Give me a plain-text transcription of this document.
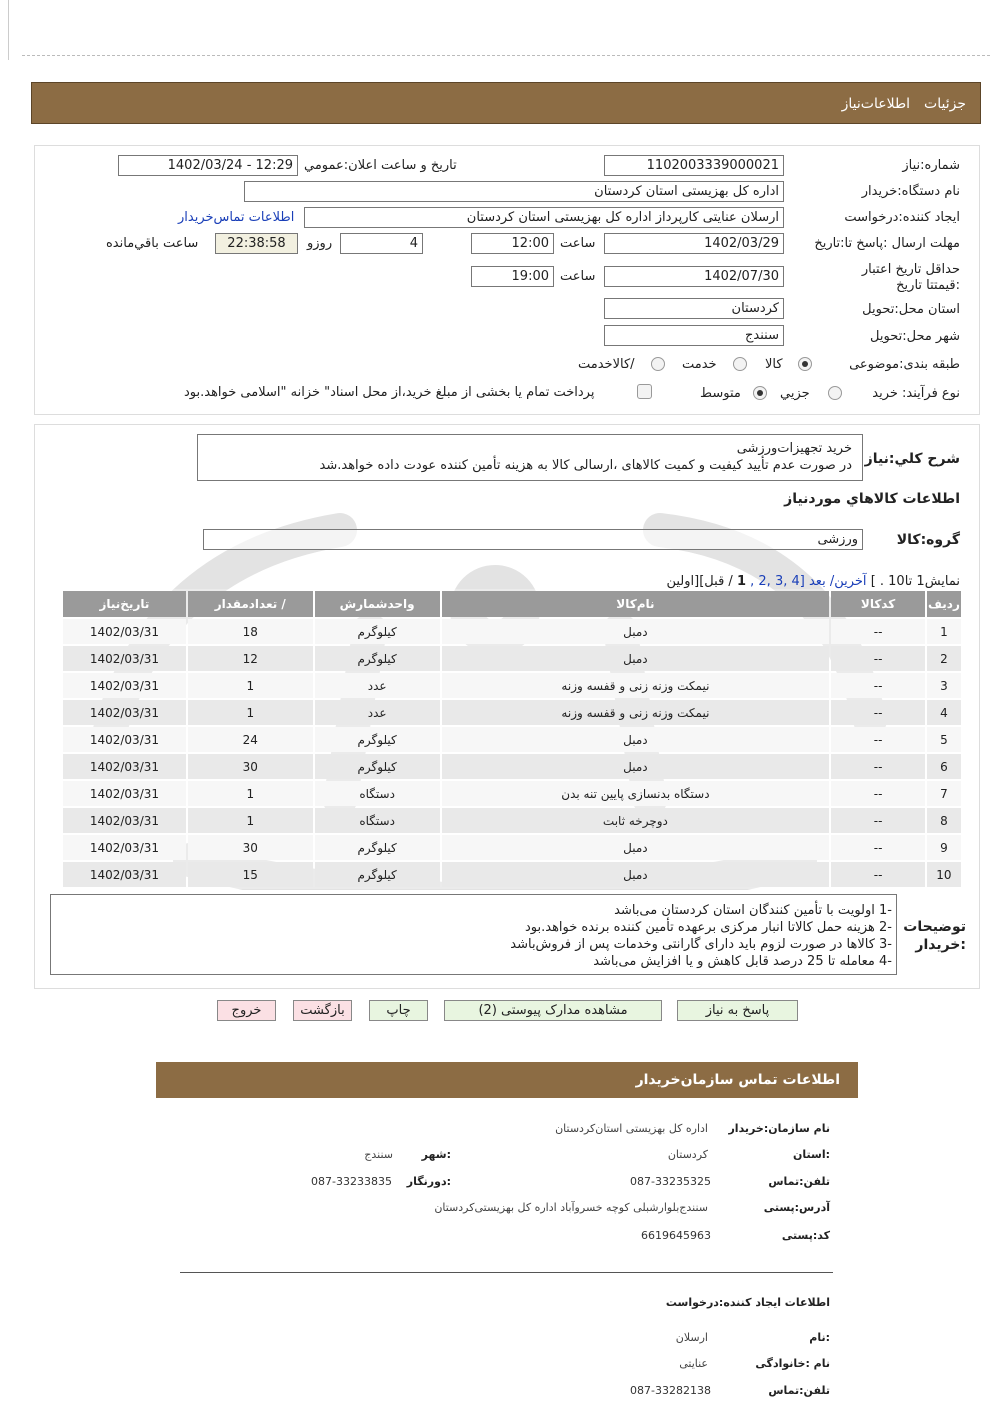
جزئیات
اطلاعات‌نیاز
شماره:نیاز
1102003339000021
تاریخ و ساعت اعلان:عمومي
1402/03/24 - 12:29
نام دستگاه:خريدار
اداره کل بهزیستی استان کردستان
ایجاد کننده:درخواست
ارسلان عنایتی کارپرداز اداره کل بهزیستی استان کردستان
اطلاعات تماس‌خریدار
مهلت ارسال :پاسخ تا:تاریخ
1402/03/29
ساعت
12:00
4
روزو
22:38:58
ساعت باقي‌مانده
حداقل تاریخ اعتبار :قیمتتا تاریخ
1402/07/30
ساعت
19:00
استان محل:تحویل
کردستان
شهر محل:تحویل
سنندج
طبقه بندی:موضوعی
کالا
خدمت
/کالاخدمت
نوع فرآیند: خرید
جزیي
متوسط
پرداخت تمام یا بخشی از مبلغ خرید،از محل اسناد" خزانه "اسلامی خواهد.بود
شرح کلي:نیاز
خرید تجهیزات‌ورزشی
در صورت عدم تأیید کیفیت و کمیت کالاهای ،ارسالی کالا به هزینه تأمین کننده عودت داده خواهد.شد
اطلاعات کالاهاي موردنیاز
گروه:کالا
ورزشی
نمایش1 تا10 . ] آخرین/ بعد [4 ,3 ,2 , 1 / قبل][اولین
ردیف	کدکالا	نام‌کالا	واحدشمارش	/ تعدادمقدار	تاریخ‌نیاز
1	--	دمبل	کیلوگرم	18	1402/03/31
2	--	دمبل	کیلوگرم	12	1402/03/31
3	--	نیمکت وزنه زنی و قفسه وزنه	عدد	1	1402/03/31
4	--	نیمکت وزنه زنی و قفسه وزنه	عدد	1	1402/03/31
5	--	دمبل	کیلوگرم	24	1402/03/31
6	--	دمبل	کیلوگرم	30	1402/03/31
7	--	دستگاه بدنسازی پایین تنه بدن	دستگاه	1	1402/03/31
8	--	دوچرخه ثابت	دستگاه	1	1402/03/31
9	--	دمبل	کیلوگرم	30	1402/03/31
10	--	دمبل	کیلوگرم	15	1402/03/31
توضیحات :خریدار
-1 اولویت با تأمین کنندگان استان کردستان می‌باشد
-2 هزینه حمل کالاتا انبار مرکزی برعهده تأمین کننده برنده خواهد.بود
-3 کالاها در صورت لزوم باید دارای گارانتی وخدمات پس از فروش‌باشد
-4 معامله تا 25 درصد قابل کاهش و یا افزایش می‌باشد
پاسخ به نیاز
مشاهده مدارک پیوستی (2)
چاپ
بازگشت
خروج
اطلاعات تماس سازمان‌خریدار
نام سازمان:خریدار
اداره کل بهزیستی استان‌کردستان
:استان
کردستان
:شهر
سنندج
تلفن:تماس
087-33235325
:دورنگار
087-33233835
آدرس:پستی
سنندج‌بلوارشبلی کوچه خسروآباد اداره کل بهزیستی‌کردستان
کد:پستی
6619645963
اطلاعات ایجاد کننده:درخواست
:نام
ارسلان
نام :خانوادگی
عنایتی
تلفن:تماس
087-33282138
